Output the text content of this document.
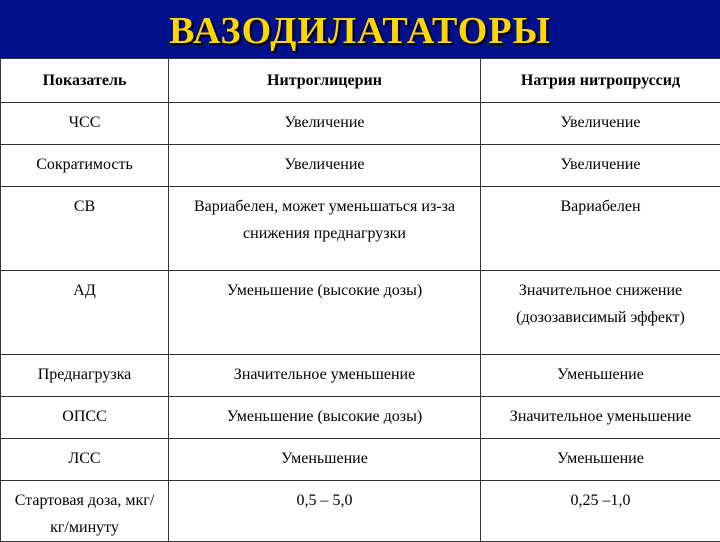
ВАЗОДИЛАТАТОРЫ
Показатель	Нитроглицерин	Натрия нитропруссид
ЧСС	Увеличение	Увеличение
Сократимость	Увеличение	Увеличение
СВ	Вариабелен, может уменьшаться из-за снижения преднагрузки	Вариабелен
АД	Уменьшение (высокие дозы)	Значительное снижение (дозозависимый эффект)
Преднагрузка	Значительное уменьшение	Уменьшение
ОПСС	Уменьшение (высокие дозы)	Значительное уменьшение
ЛСС	Уменьшение	Уменьшение
Стартовая доза, мкг/кг/минуту	0,5 – 5,0	0,25 –1,0
